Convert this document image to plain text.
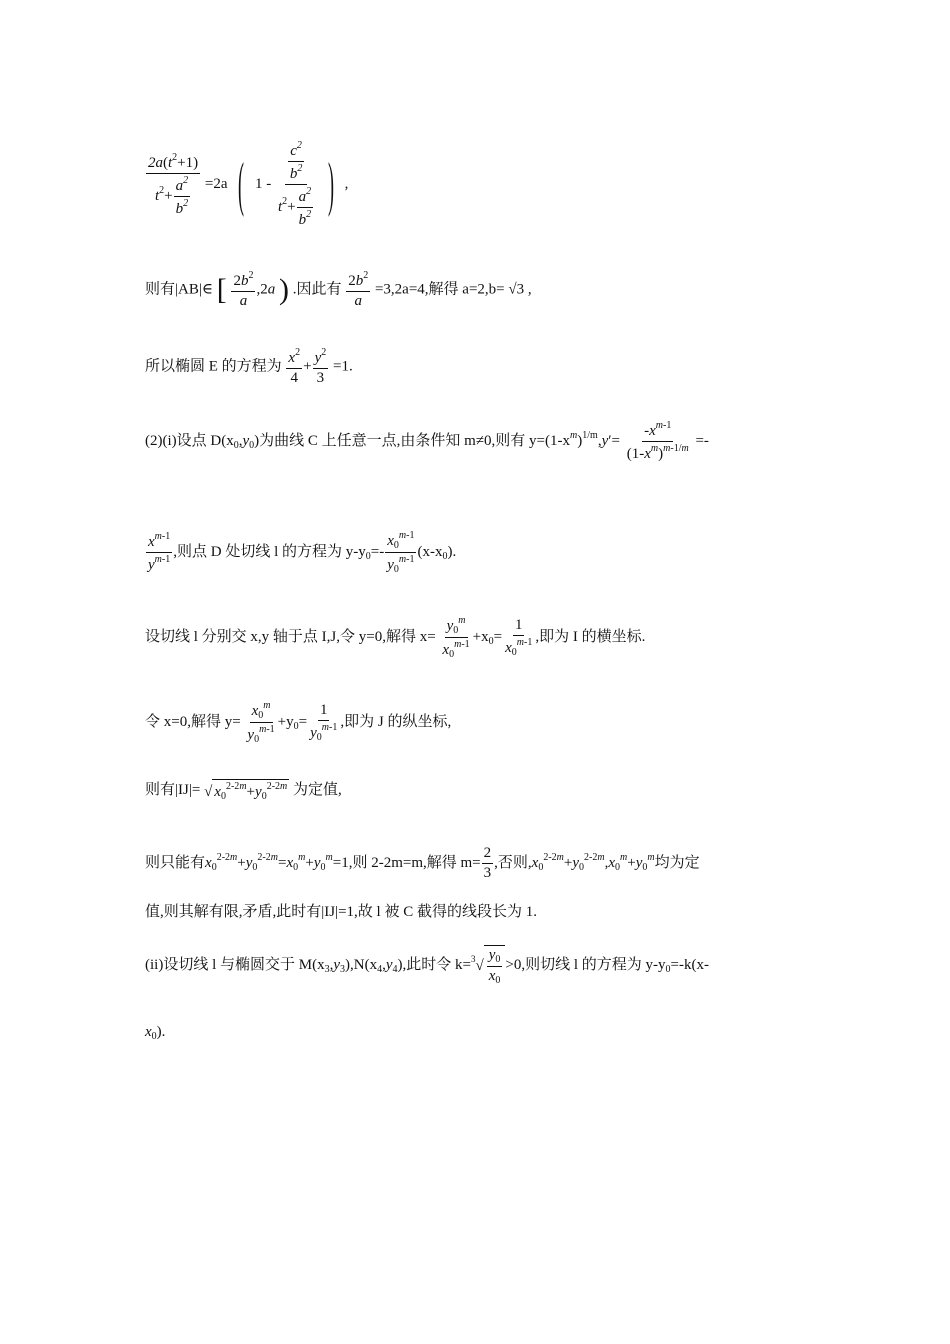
$\frac{2a(t^2+1)}{t^2+ \frac{a^2}{b^2}} =2a$ ( $1 - \frac{\frac{c^2}{b^2}}{t^2+ \frac{a^2}{b^2}}$ ) ,
则有|AB|∈ [ $\frac{2b^2}{a} ,2a$ ) .因此有 $\frac{2b^2}{a} =3,2a=4$,解得 a=2,b= √3 ,
所以椭圆 E 的方程为 $\frac{x^2}{4} + \frac{y^2}{3} =1$.
(2)(i)设点 $D(x_0,y_0)$为曲线 C 上任意一点,由条件知 m≠0,则有 $y=(1-x^m)^{1/m},y'= \frac{-x^{m-1}}{(1-x^m)^{m-1/m}}$ =-
$\frac{x^{m-1}}{y^{m-1}}$ ,则点 D 处切线 l 的方程为 $y-y_0=- \frac{x_0^{m-1}}{y_0^{m-1}} (x-x_0)$.
设切线 l 分别交 x,y 轴于点 I,J,令 y=0,解得 $x= \frac{y_0^m}{x_0^{m-1}} +x_0= \frac{1}{x_0^{m-1}}$ ,即为 I 的横坐标.
令 x=0,解得 $y= \frac{x_0^m}{y_0^{m-1}} +y_0= \frac{1}{y_0^{m-1}}$ ,即为 J 的纵坐标,
则有|IJ|= √ $x_0^{2-2m}+y_0^{2-2m}$ 为定值,
则只能有$x_0^{2-2m}+y_0^{2-2m}=x_0^m+y_0^m=1$,则 2-2m=m,解得 $m= \frac{2}{3}$ ,否则$,x_0^{2-2m}+y_0^{2-2m},x_0^m+y_0^m$均为定
值,则其解有限,矛盾,此时有|IJ|=1,故 l 被 C 截得的线段长为 1.
(ii)设切线 l 与椭圆交于 $M(x_3,y_3),N(x_4,y_4)$,此时令 $k=^3√ \frac{y_0}{x_0} >0$,则切线 l 的方程为 $y-y_0=-k(x-$
$x_0$).
